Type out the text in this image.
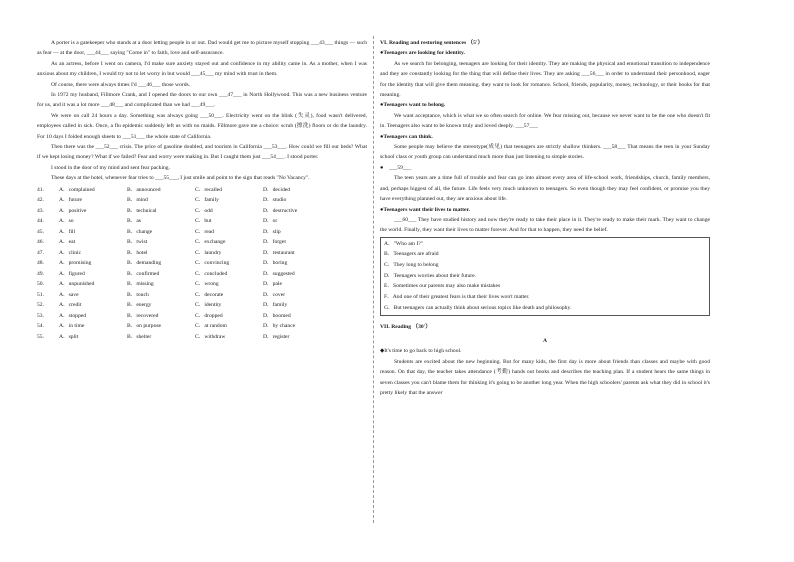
A porter is a gatekeeper who stands at a door letting people in or out. Dad would get me to picture myself stopping ___43___ things — such as fear — at the door, ___44___ saying "Come in" to faith, love and self-assurance.

As an actress, before I went on camera, I'd make sure anxiety stayed out and confidence in my ability came in. As a mother, when I was anxious about my children, I would try not to let worry in but would ___45___ my mind with trust in them.

Of course, there were always times I'd ___46___ those words.

In 1972 my husband, Fillmore Crank, and I opened the doors to our own ___47___ in North Hollywood. This was a new business venture for us, and it was a lot more ___48___ and complicated than we had ___49___.

We were on call 24 hours a day. Something was always going ___50___. Electricity went on the blink (失灵), food wasn't delivered, employees called in sick. Once, a flu epidemic suddenly left us with no maids. Fillmore gave me a choice: scrub (擦洗) floors or do the laundry. For 10 days I folded enough sheets to ___51___ the whole state of California.

Then there was the ___52___ crisis. The price of gasoline doubled, and tourism in California ___53___. How could we fill our beds? What if we kept losing money? What if we failed? Fear and worry were making in. But I caught them just ___54___. I stood porter.

I stood in the door of my mind and sent fear packing.

These days at the hotel, whenever fear tries to ___55___, I just smile and point to the sign that reads "No Vacancy".

41.	A．complained	B．announced	C．recalled	D．decided
42.	A．future	B．mind	C．family	D．studio
43.	A．positive	B．technical	C．odd	D．destructive
44.	A．so	B．as	C．but	D．or
45.	A．fill	B．change	C．read	D．slip
46.	A．eat	B．twist	C．exchange	D．forget
47.	A．clinic	B．hotel	C．laundry	D．restaurant
48.	A．promising	B．demanding	C．convincing	D．boring
49.	A．figured	B．confirmed	C．concluded	D．suggested
50.	A．unpunished	B．missing	C．wrong	D．pale
51.	A．save	B．touch	C．decorate	D．cover
52.	A．credit	B．energy	C．identity	D．family
53.	A．stopped	B．recovered	C．dropped	D．boomed
54.	A．in time	B．on purpose	C．at random	D．by chance
55.	A．split	B．shelter	C．withdraw	D．register

VI. Reading and restoring sentences （5'）

●Teenagers are looking for identity.

As we search for belonging, teenagers are looking for their identity. They are making the physical and emotional transition to independence and they are constantly looking for the thing that will define their lives. They are asking ___56___ in order to understand their personhood, eager for the identity that will give them meaning. they want to look for romance. School, friends, popularity, money, technology, or their books for that meaning.

●Teenagers want to belong.

We want acceptance, which is what we so often search for online. We fear missing out, because we never want to be the one who doesn't fit in. Teenagers also want to be known truly and loved deeply. ___57___

●Teenagers can think.

Some people may believe the stereotype(成见) that teenagers are strictly shallow thinkers. ___58___ That means the teen in your Sunday school class or youth group can understand much more than just listening to simple stories.

●　___59___

The teen years are a time full of trouble and fear can go into almost every area of life-school work, friendships, church, family members, and, perhaps biggest of all, the future. Life feels very much unknown to teenagers. So even though they may feel confident, or promise you they have everything planned out, they are anxious about life.

●Teenagers want their lives to matter.

___60___ They have studied history and now they're ready to take their place in it. They're ready to make their mark. They want to change the world. Finally, they want their lives to matter forever. And for that to happen, they need the belief.

A．"Who am I?"
B．Teenagers are afraid
C．They long to belong
D．Teenagers worries about their future.
E．Sometimes our parents may also make mistakes
F．And one of their greatest fears is that their lives won't matter.
G．But teenagers can actually think about serious topics like death and philosophy.

VII. Reading （30'）

A

◆It's time to go back to high school.

Students are excited about the new beginning. But for many kids, the first day is more about friends than classes and maybe with good reason. On that day, the teacher takes attendance (考勤) hands out books and describes the teaching plan. If a student hears the same things in seven classes you can't blame them for thinking it's going to be another long year. When the high schoolers' parents ask what they did in school it's pretty likely that the answer
